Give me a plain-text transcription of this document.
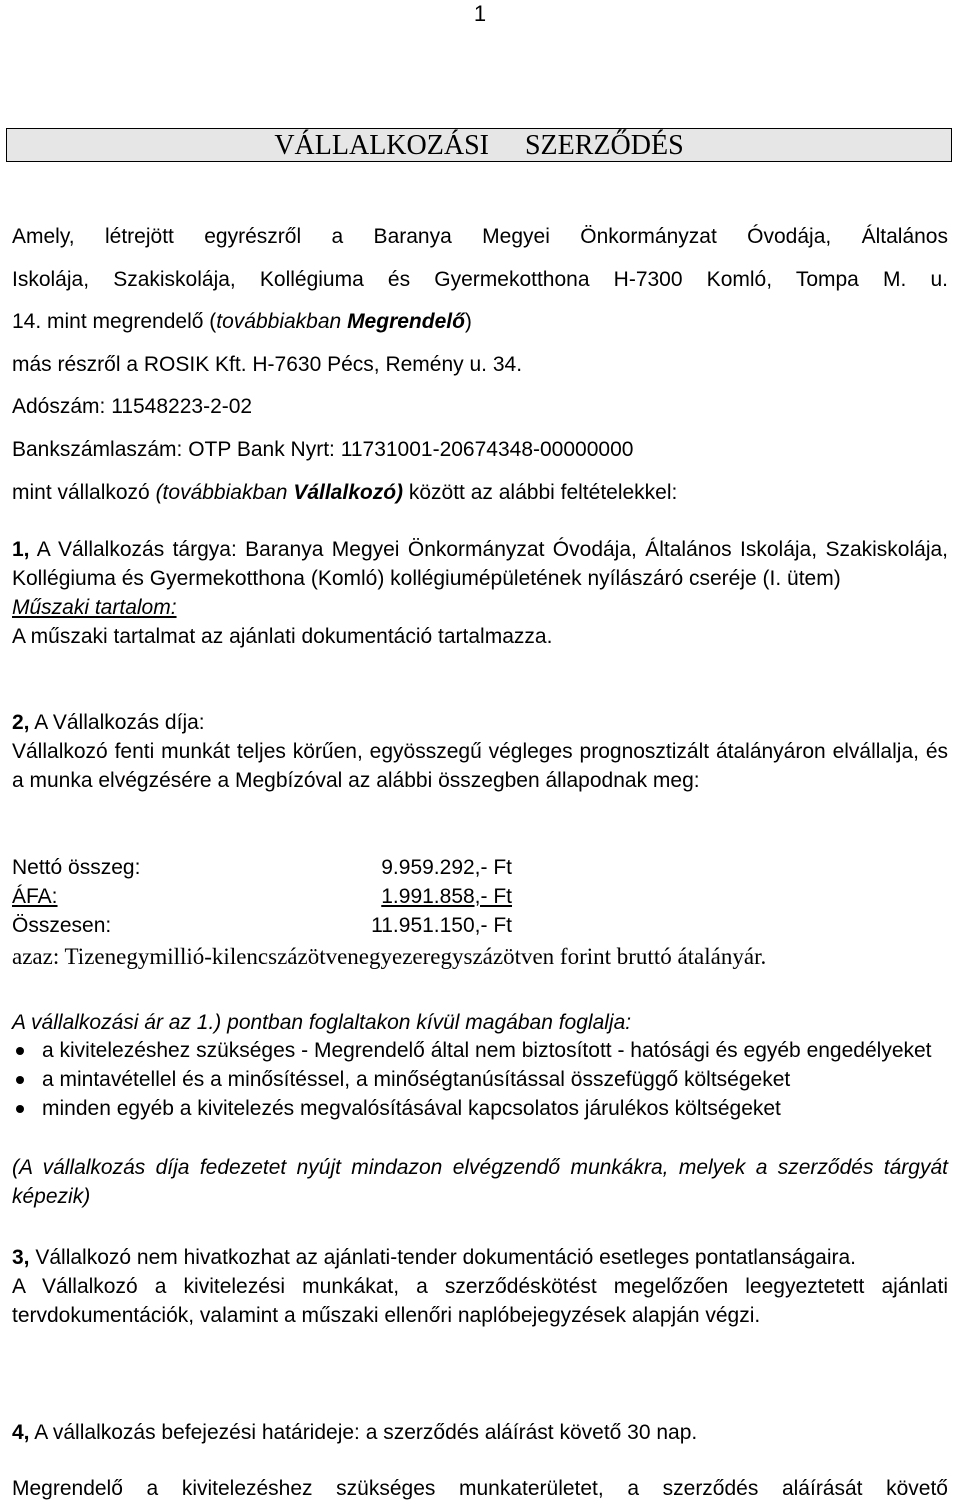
1
VÁLLALKOZÁSI SZERZŐDÉS
Amely, létrejött egyrészről a Baranya Megyei Önkormányzat Óvodája, Általános
Iskolája, Szakiskolája, Kollégiuma és Gyermekotthona H-7300 Komló, Tompa M. u.
14. mint megrendelő (továbbiakban Megrendelő)
más részről a ROSIK Kft. H-7630 Pécs, Remény u. 34.
Adószám: 11548223-2-02
Bankszámlaszám: OTP Bank Nyrt: 11731001-20674348-00000000
mint vállalkozó (továbbiakban Vállalkozó) között az alábbi feltételekkel:
1, A Vállalkozás tárgya: Baranya Megyei Önkormányzat Óvodája, Általános Iskolája, Szakiskolája, Kollégiuma és Gyermekotthona (Komló) kollégiumépületének nyílászáró cseréje (I. ütem)
Műszaki tartalom:
A műszaki tartalmat az ajánlati dokumentáció tartalmazza.
2, A Vállalkozás díja:
Vállalkozó fenti munkát teljes körűen, egyösszegű végleges prognosztizált átalányáron elvállalja, és a munka elvégzésére a Megbízóval az alábbi összegben állapodnak meg:
Nettó összeg:	9.959.292,- Ft
ÁFA:	1.991.858,- Ft
Összesen:	11.951.150,- Ft
azaz: Tizenegymillió-kilencszázötvenegyezeregyszázötven forint bruttó átalányár.
A vállalkozási ár az 1.) pontban foglaltakon kívül magában foglalja:
a kivitelezéshez szükséges - Megrendelő által nem biztosított - hatósági és egyéb engedélyeket
a mintavétellel és a minősítéssel, a minőségtanúsítással összefüggő költségeket
minden egyéb a kivitelezés megvalósításával kapcsolatos járulékos költségeket
(A vállalkozás díja fedezetet nyújt mindazon elvégzendő munkákra, melyek a szerződés tárgyát képezik)
3, Vállalkozó nem hivatkozhat az ajánlati-tender dokumentáció esetleges pontatlanságaira.
A Vállalkozó a kivitelezési munkákat, a szerződéskötést megelőzően leegyeztetett ajánlati tervdokumentációk, valamint a műszaki ellenőri naplóbejegyzések alapján végzi.
4, A vállalkozás befejezési határideje: a szerződés aláírást követő 30 nap.
Megrendelő a kivitelezéshez szükséges munkaterületet, a szerződés aláírását követő
